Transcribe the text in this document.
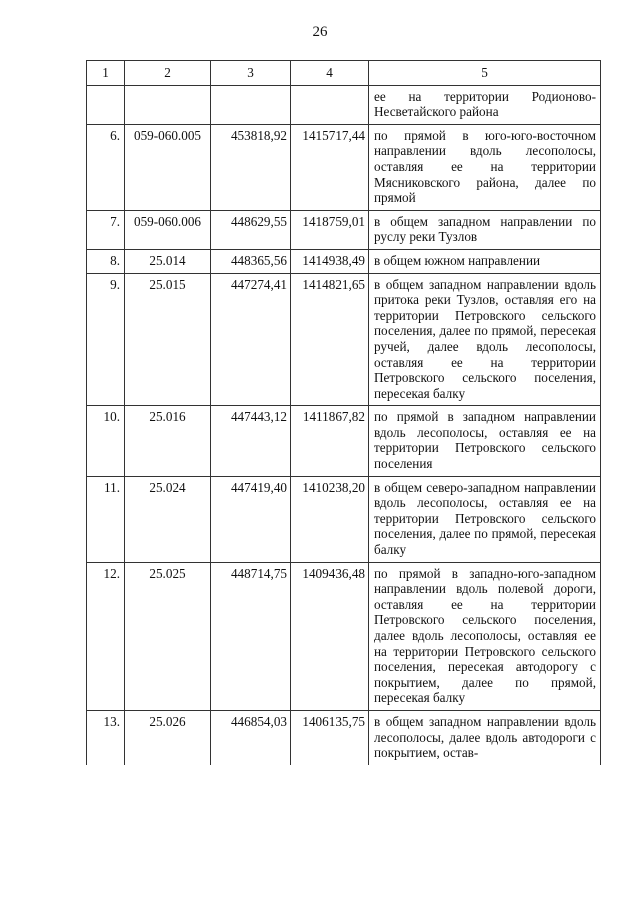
26
1	2	3	4	5
				ее на территории Родионово-Несветайского района
6.	059-060.005	453818,92	1415717,44	по прямой в юго-юго-восточном направлении вдоль лесополосы, оставляя ее на территории Мясниковского района, далее по прямой
7.	059-060.006	448629,55	1418759,01	в общем западном направлении по руслу реки Тузлов
8.	25.014	448365,56	1414938,49	в общем южном направлении
9.	25.015	447274,41	1414821,65	в общем западном направлении вдоль притока реки Тузлов, оставляя его на территории Петровского сельского поселения, далее по прямой, пересекая ручей, далее вдоль лесополосы, оставляя ее на территории Петровского сельского поселения, пересекая балку
10.	25.016	447443,12	1411867,82	по прямой в западном направлении вдоль лесополосы, оставляя ее на территории Петровского сельского поселения
11.	25.024	447419,40	1410238,20	в общем северо-западном направлении вдоль лесополосы, оставляя ее на территории Петровского сельского поселения, далее по прямой, пересекая балку
12.	25.025	448714,75	1409436,48	по прямой в западно-юго-западном направлении вдоль полевой дороги, оставляя ее на территории Петровского сельского поселения, далее вдоль лесополосы, оставляя ее на территории Петровского сельского поселения, пересекая автодорогу с покрытием, далее по прямой, пересекая балку
13.	25.026	446854,03	1406135,75	в общем западном направлении вдоль лесополосы, далее вдоль автодороги с покрытием, остав-
